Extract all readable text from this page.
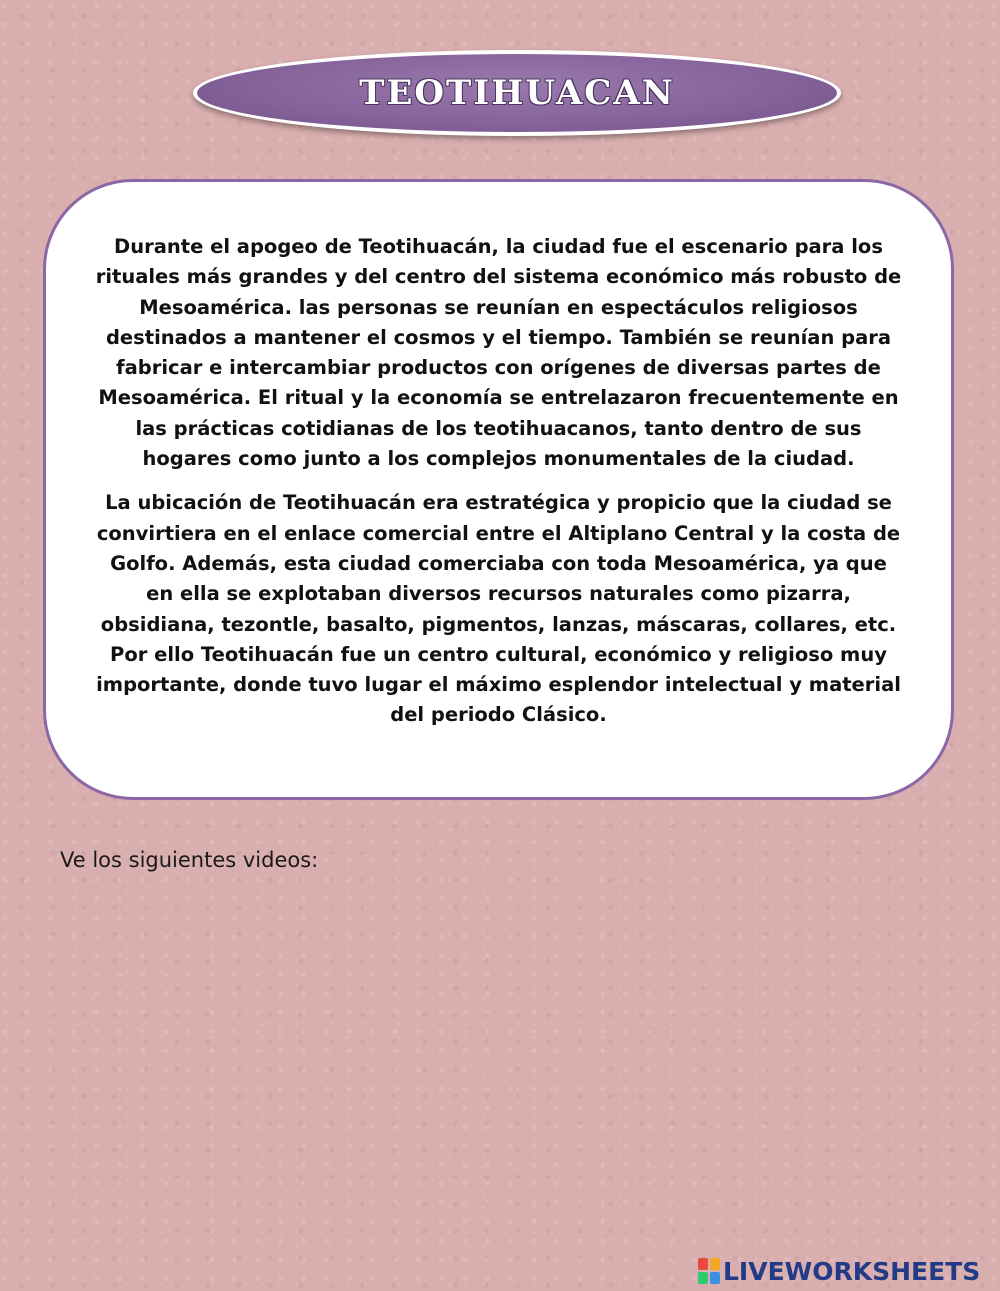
TEOTIHUACAN

Durante el apogeo de Teotihuacán, la ciudad fue el escenario para los rituales más grandes y del centro del sistema económico más robusto de Mesoamérica. las personas se reunían en espectáculos religiosos destinados a mantener el cosmos y el tiempo. También se reunían para fabricar e intercambiar productos con orígenes de diversas partes de Mesoamérica. El ritual y la economía se entrelazaron frecuentemente en las prácticas cotidianas de los teotihuacanos, tanto dentro de sus hogares como junto a los complejos monumentales de la ciudad.

La ubicación de Teotihuacán era estratégica y propicio que la ciudad se convirtiera en el enlace comercial entre el Altiplano Central y la costa de Golfo. Además, esta ciudad comerciaba con toda Mesoamérica, ya que en ella se explotaban diversos recursos naturales como pizarra, obsidiana, tezontle, basalto, pigmentos, lanzas, máscaras, collares, etc. Por ello Teotihuacán fue un centro cultural, económico y religioso muy importante, donde tuvo lugar el máximo esplendor intelectual y material del periodo Clásico.

Ve los siguientes videos:

LIVEWORKSHEETS
